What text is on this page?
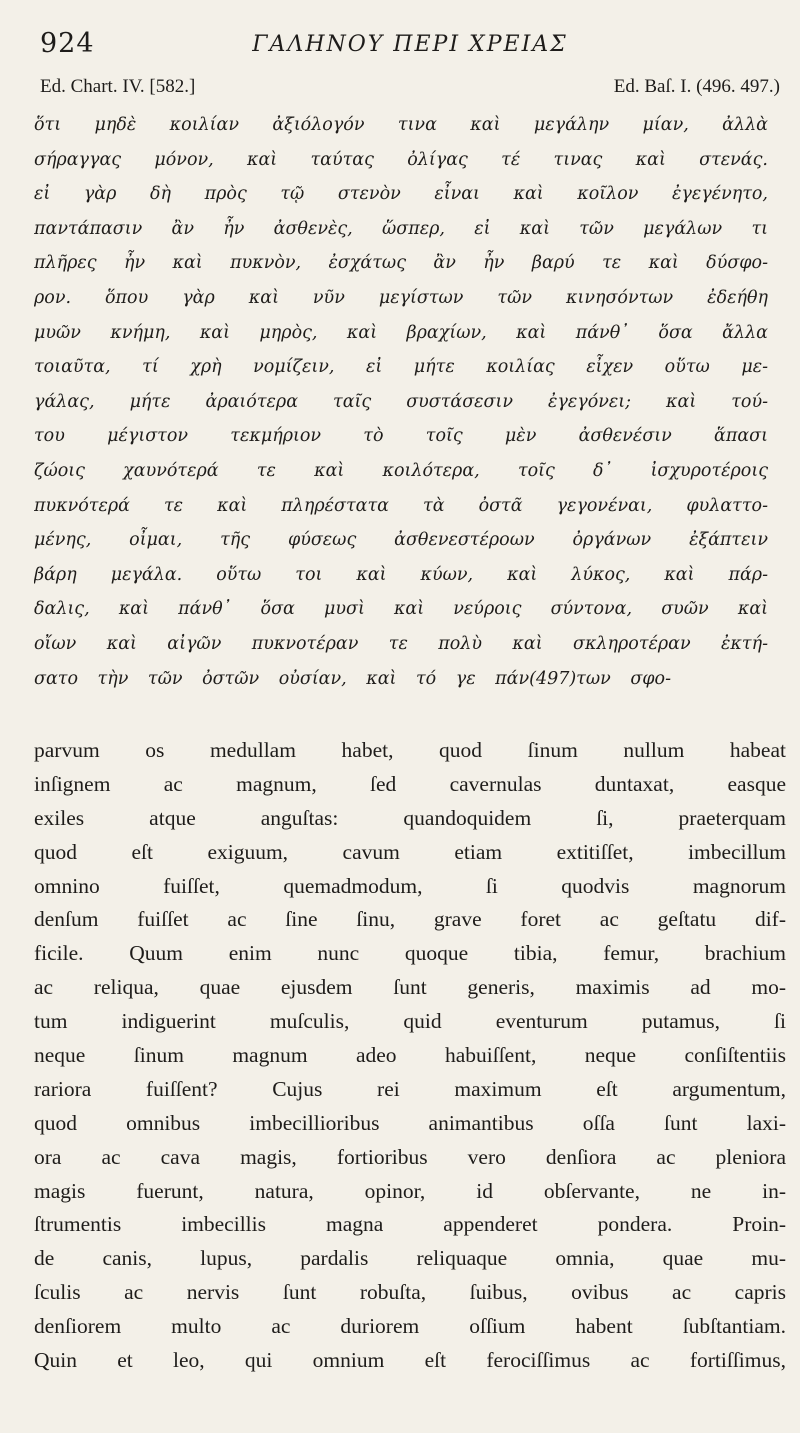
924	ΓΑΛΗΝΟΥ ΠΕΡΙ ΧΡΕΙΑΣ
Ed. Chart. IV. [582.]	Ed. Baſ. I. (496. 497.)
ὅτι μηδὲ κοιλίαν ἀξιόλογόν τινα καὶ μεγάλην μίαν, ἀλλὰ
σήραγγας μόνον, καὶ ταύτας ὀλίγας τέ τινας καὶ στενάς.
εἰ γὰρ δὴ πρὸς τῷ στενὸν εἶναι καὶ κοῖλον ἐγεγένητο,
παντάπασιν ἂν ἦν ἀσθενὲς, ὥσπερ, εἰ καὶ τῶν μεγάλων τι
πλῆρες ἦν καὶ πυκνὸν, ἐσχάτως ἂν ἦν βαρύ τε καὶ δύσφο-
ρον. ὅπου γὰρ καὶ νῦν μεγίστων τῶν κινησόντων ἐδεήθη
μυῶν κνήμη, καὶ μηρὸς, καὶ βραχίων, καὶ πάνθ᾽ ὅσα ἄλλα
τοιαῦτα, τί χρὴ νομίζειν, εἰ μήτε κοιλίας εἶχεν οὕτω με-
γάλας, μήτε ἀραιότερα ταῖς συστάσεσιν ἐγεγόνει; καὶ τού-
του μέγιστον τεκμήριον τὸ τοῖς μὲν ἀσθενέσιν ἅπασι
ζώοις χαυνότερά τε καὶ κοιλότερα, τοῖς δ᾽ ἰσχυροτέροις
πυκνότερά τε καὶ πληρέστατα τὰ ὀστᾶ γεγονέναι, φυλαττο-
μένης, οἶμαι, τῆς φύσεως ἀσθενεστέροων ὀργάνων ἐξάπτειν
βάρη μεγάλα. οὕτω τοι καὶ κύων, καὶ λύκος, καὶ πάρ-
δαλις, καὶ πάνθ᾽ ὅσα μυσὶ καὶ νεύροις σύντονα, συῶν καὶ
οἴων καὶ αἰγῶν πυκνοτέραν τε πολὺ καὶ σκληροτέραν ἐκτή-
σατο τὴν τῶν ὀστῶν οὐσίαν, καὶ τό γε πάν(497)των σφο-
parvum os medullam habet, quod ſinum nullum habeat
inſignem ac magnum, ſed cavernulas duntaxat, easque
exiles atque anguſtas: quandoquidem ſi, praeterquam
quod eſt exiguum, cavum etiam extitiſſet, imbecillum
omnino fuiſſet, quemadmodum, ſi quodvis magnorum
denſum fuiſſet ac ſine ſinu, grave foret ac geſtatu dif-
ficile. Quum enim nunc quoque tibia, femur, brachium
ac reliqua, quae ejusdem ſunt generis, maximis ad mo-
tum indiguerint muſculis, quid eventurum putamus, ſi
neque ſinum magnum adeo habuiſſent, neque conſiſtentiis
rariora fuiſſent? Cujus rei maximum eſt argumentum,
quod omnibus imbecillioribus animantibus oſſa ſunt laxi-
ora ac cava magis, fortioribus vero denſiora ac pleniora
magis fuerunt, natura, opinor, id obſervante, ne in-
ſtrumentis imbecillis magna appenderet pondera. Proin-
de canis, lupus, pardalis reliquaque omnia, quae mu-
ſculis ac nervis ſunt robuſta, ſuibus, ovibus ac capris
denſiorem multo ac duriorem oſſium habent ſubſtantiam.
Quin et leo, qui omnium eſt ferociſſimus ac fortiſſimus,
